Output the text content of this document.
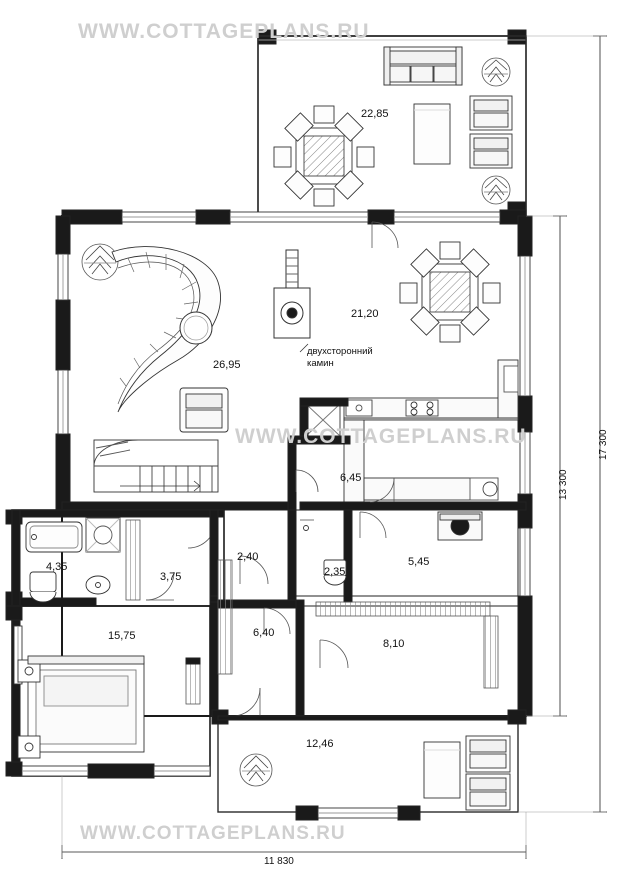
WWW.COTTAGEPLANS.RU
WWW.COTTAGEPLANS.RU
WWW.COTTAGEPLANS.RU
22,85
21,20
26,95
6,45
2,40
2,35
4,35
3,75
5,45
15,75	6,40
8,10
12,46
двухсторонний
камин
11 830
13 300
17 300
